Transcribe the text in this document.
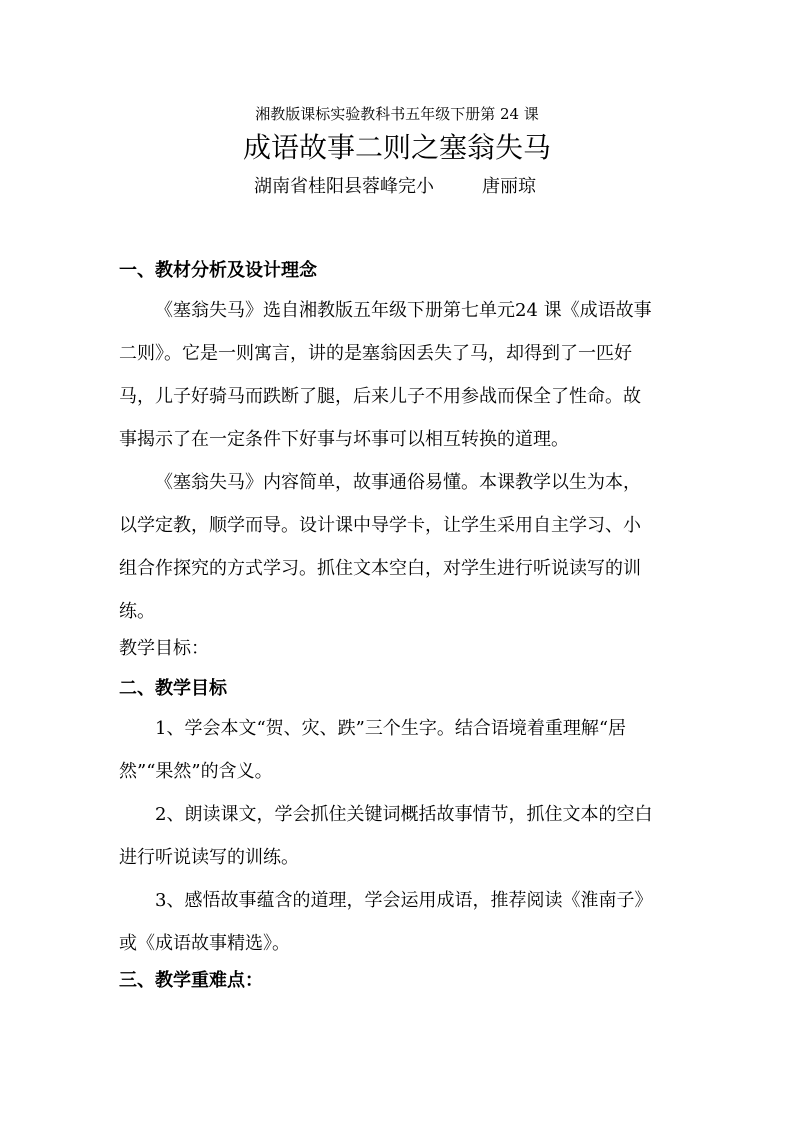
湘教版课标实验教科书五年级下册第 24 课
成语故事二则之塞翁失马
湖南省桂阳县蓉峰完小	唐丽琼
一、教材分析及设计理念
《塞翁失马》选自湘教版五年级下册第七单元24 课《成语故事
二则》。它是一则寓言，讲的是塞翁因丢失了马，却得到了一匹好
马，儿子好骑马而跌断了腿，后来儿子不用参战而保全了性命。故
事揭示了在一定条件下好事与坏事可以相互转换的道理。
《塞翁失马》内容简单，故事通俗易懂。本课教学以生为本，
以学定教，顺学而导。设计课中导学卡，让学生采用自主学习、小
组合作探究的方式学习。抓住文本空白，对学生进行听说读写的训
练。
教学目标：
二、教学目标
1、学会本文“贺、灾、跌”三个生字。结合语境着重理解“居
然”“果然”的含义。
2、朗读课文，学会抓住关键词概括故事情节，抓住文本的空白
进行听说读写的训练。
3、感悟故事蕴含的道理，学会运用成语，推荐阅读《淮南子》
或《成语故事精选》。
三、教学重难点：
